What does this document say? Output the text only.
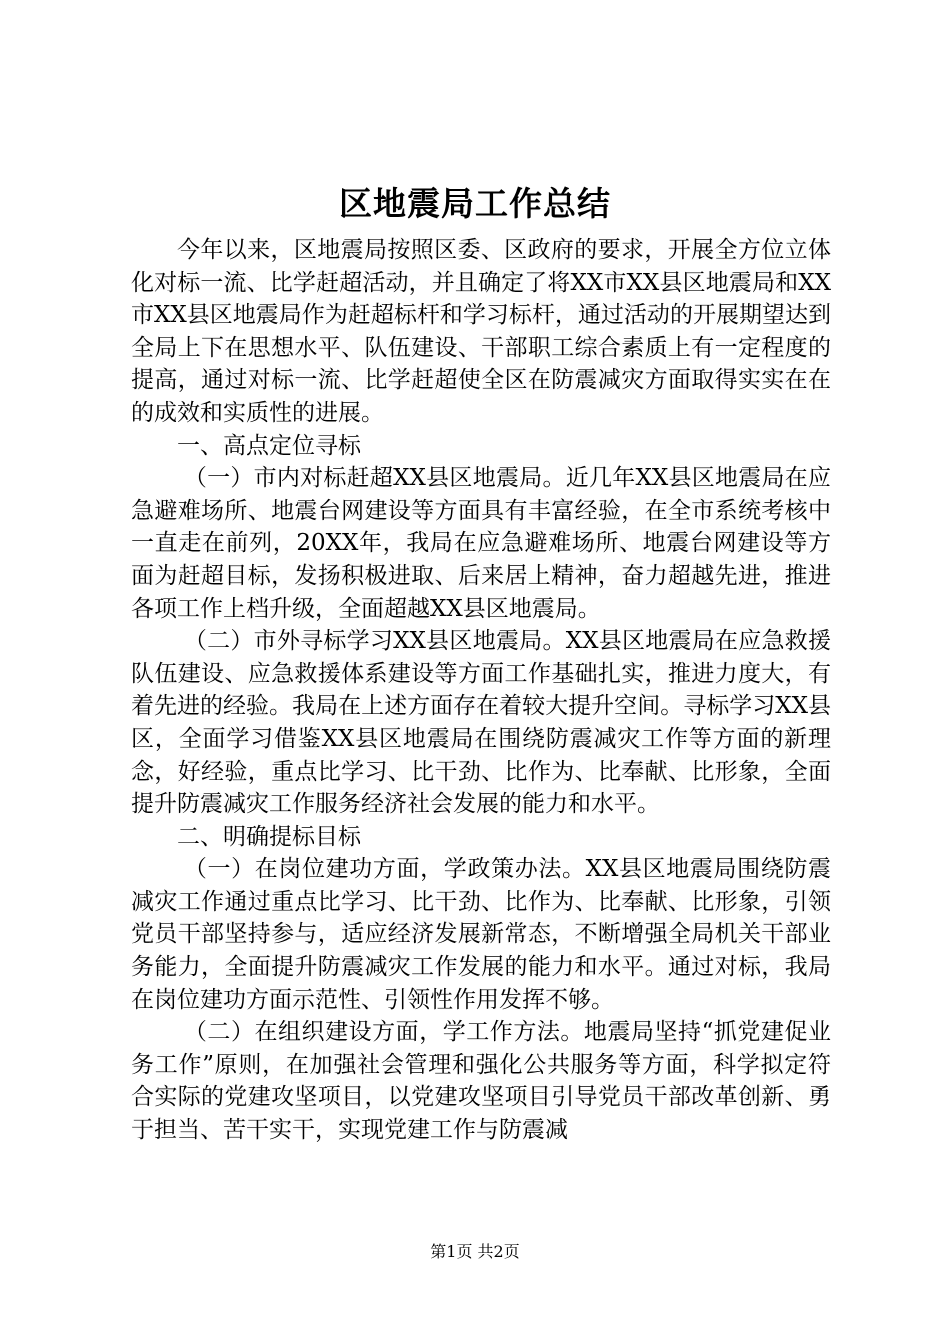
区地震局工作总结

今年以来，区地震局按照区委、区政府的要求，开展全方位立体化对标一流、比学赶超活动，并且确定了将XX市XX县区地震局和XX市XX县区地震局作为赶超标杆和学习标杆，通过活动的开展期望达到全局上下在思想水平、队伍建设、干部职工综合素质上有一定程度的提高，通过对标一流、比学赶超使全区在防震减灾方面取得实实在在的成效和实质性的进展。

一、高点定位寻标

（一）市内对标赶超XX县区地震局。近几年XX县区地震局在应急避难场所、地震台网建设等方面具有丰富经验，在全市系统考核中一直走在前列，20XX年，我局在应急避难场所、地震台网建设等方面为赶超目标，发扬积极进取、后来居上精神，奋力超越先进，推进各项工作上档升级，全面超越XX县区地震局。

（二）市外寻标学习XX县区地震局。XX县区地震局在应急救援队伍建设、应急救援体系建设等方面工作基础扎实，推进力度大，有着先进的经验。我局在上述方面存在着较大提升空间。寻标学习XX县区，全面学习借鉴XX县区地震局在围绕防震减灾工作等方面的新理念，好经验，重点比学习、比干劲、比作为、比奉献、比形象，全面提升防震减灾工作服务经济社会发展的能力和水平。

二、明确提标目标

（一）在岗位建功方面，学政策办法。XX县区地震局围绕防震减灾工作通过重点比学习、比干劲、比作为、比奉献、比形象，引领党员干部坚持参与，适应经济发展新常态，不断增强全局机关干部业务能力，全面提升防震减灾工作发展的能力和水平。通过对标，我局在岗位建功方面示范性、引领性作用发挥不够。

（二）在组织建设方面，学工作方法。地震局坚持“抓党建促业务工作”原则，在加强社会管理和强化公共服务等方面，科学拟定符合实际的党建攻坚项目，以党建攻坚项目引导党员干部改革创新、勇于担当、苦干实干，实现党建工作与防震减

第1页 共2页
